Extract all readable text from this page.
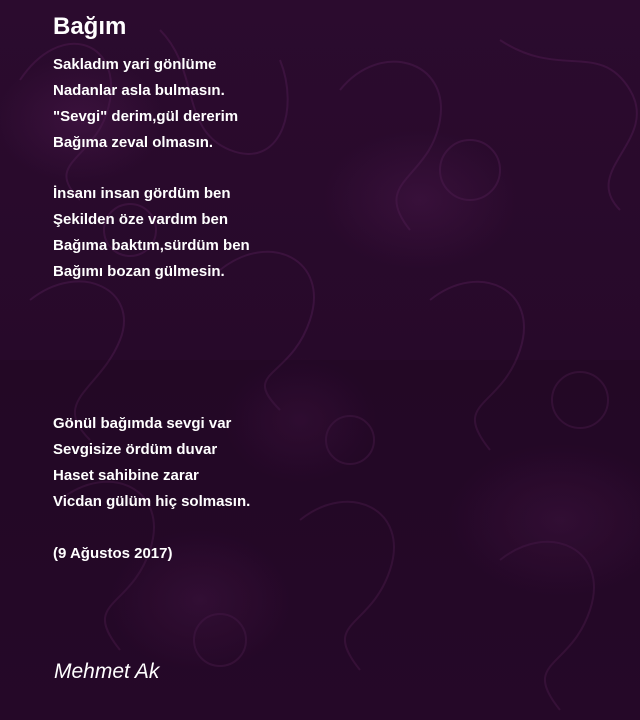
Bağım

Sakladım yari gönlüme
Nadanlar asla bulmasın.
"Sevgi" derim,gül dererim
Bağıma zeval olmasın.

İnsanı insan gördüm ben
Şekilden öze vardım ben
Bağıma baktım,sürdüm ben
Bağımı bozan gülmesin.

Gönül bağımda sevgi var
Sevgisize ördüm duvar
Haset sahibine zarar
Vicdan gülüm hiç solmasın.

(9 Ağustos 2017)

Mehmet Ak
